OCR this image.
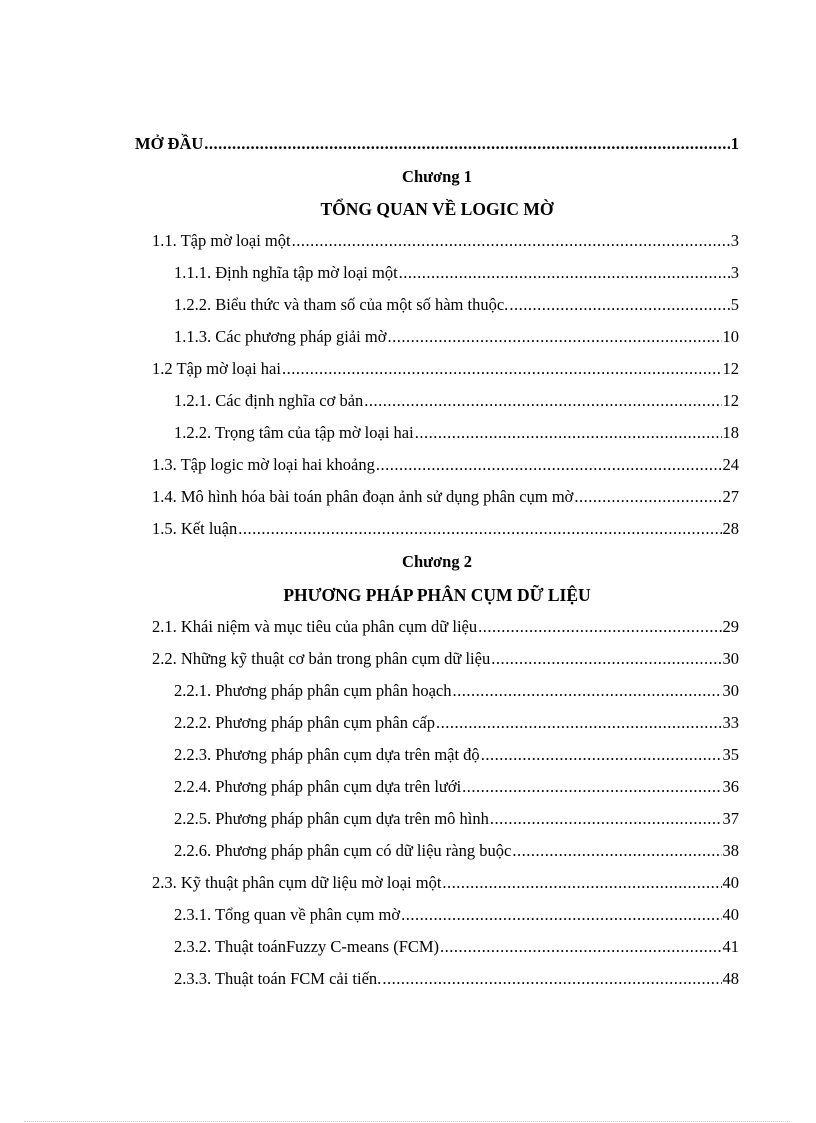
MỞ ĐẦU .....	1
Chương 1
TỔNG QUAN VỀ LOGIC MỜ
1.1. Tập mờ loại một .....	3
1.1.1. Định nghĩa tập mờ loại một .....	3
1.2.2. Biểu thức và tham số của một số hàm thuộc. .....	5
1.1.3. Các phương pháp giải mờ .....	10
1.2 Tập mờ loại hai .....	12
1.2.1. Các định nghĩa cơ bản .....	12
1.2.2. Trọng tâm của tập mờ loại hai .....	18
1.3. Tập logic mờ loại hai khoảng .....	24
1.4. Mô hình hóa bài toán phân đoạn ảnh sử dụng phân cụm mờ .....	27
1.5. Kết luận .....	28
Chương 2
PHƯƠNG PHÁP PHÂN CỤM DỮ LIỆU
2.1. Khái niệm và mục tiêu của phân cụm dữ liệu .....	29
2.2. Những kỹ thuật cơ bản trong phân cụm dữ liệu .....	30
2.2.1. Phương pháp phân cụm phân hoạch .....	30
2.2.2. Phương pháp phân cụm phân cấp .....	33
2.2.3. Phương pháp phân cụm dựa trên mật độ .....	35
2.2.4. Phương pháp phân cụm dựa trên lưới .....	36
2.2.5. Phương pháp phân cụm dựa trên mô hình .....	37
2.2.6. Phương pháp phân cụm có dữ liệu ràng buộc .....	38
2.3. Kỹ thuật phân cụm dữ liệu mờ loại một .....	40
2.3.1. Tổng quan về phân cụm mờ .....	40
2.3.2. Thuật toánFuzzy C-means (FCM) .....	41
2.3.3. Thuật toán FCM cải tiến. .....	48
